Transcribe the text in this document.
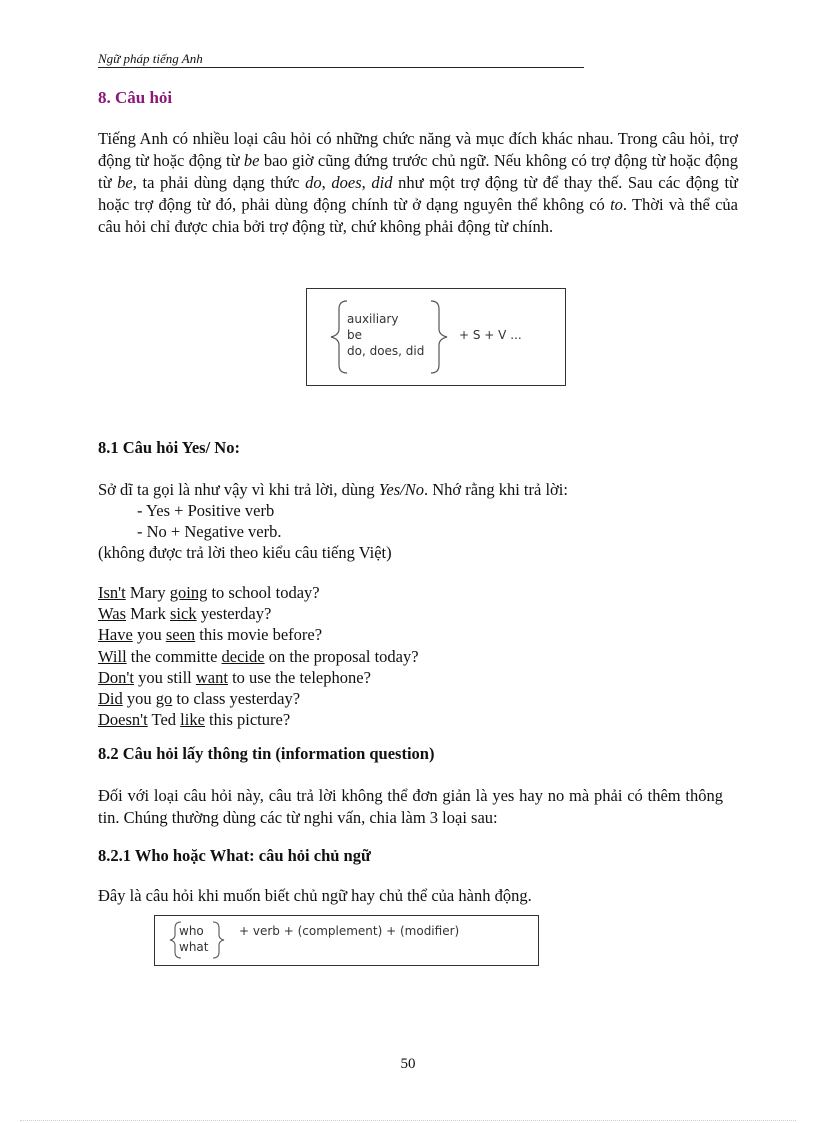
Ngữ pháp tiếng Anh
8. Câu hỏi

Tiếng Anh có nhiều loại câu hỏi có những chức năng và mục đích khác nhau. Trong câu hỏi, trợ động từ hoặc động từ be bao giờ cũng đứng trước chủ ngữ. Nếu không có trợ động từ hoặc động từ be, ta phải dùng dạng thức do, does, did như một trợ động từ để thay thế. Sau các động từ hoặc trợ động từ đó, phải dùng động chính từ ở dạng nguyên thể không có to. Thời và thể của câu hỏi chỉ được chia bởi trợ động từ, chứ không phải động từ chính.

auxiliary
be
do, does, did
+ S + V ...
8.1 Câu hỏi Yes/ No:
Sở dĩ ta gọi là như vậy vì khi trả lời, dùng Yes/No. Nhớ rằng khi trả lời:
- Yes + Positive verb
- No + Negative verb.
(không được trả lời theo kiểu câu tiếng Việt)
Isn't Mary going to school today?
Was Mark sick yesterday?
Have you seen this movie before?
Will the committe decide on the proposal today?
Don't you still want to use the telephone?
Did you go to class yesterday?
Doesn't Ted like this picture?
8.2 Câu hỏi lấy thông tin (information question)

Đối với loại câu hỏi này, câu trả lời không thể đơn giản là yes hay no mà phải có thêm thông tin. Chúng thường dùng các từ nghi vấn, chia làm 3 loại sau:

8.2.1 Who hoặc What: câu hỏi chủ ngữ
Đây là câu hỏi khi muốn biết chủ ngữ hay chủ thể của hành động.
who
what
+ verb + (complement) + (modifier)
50
